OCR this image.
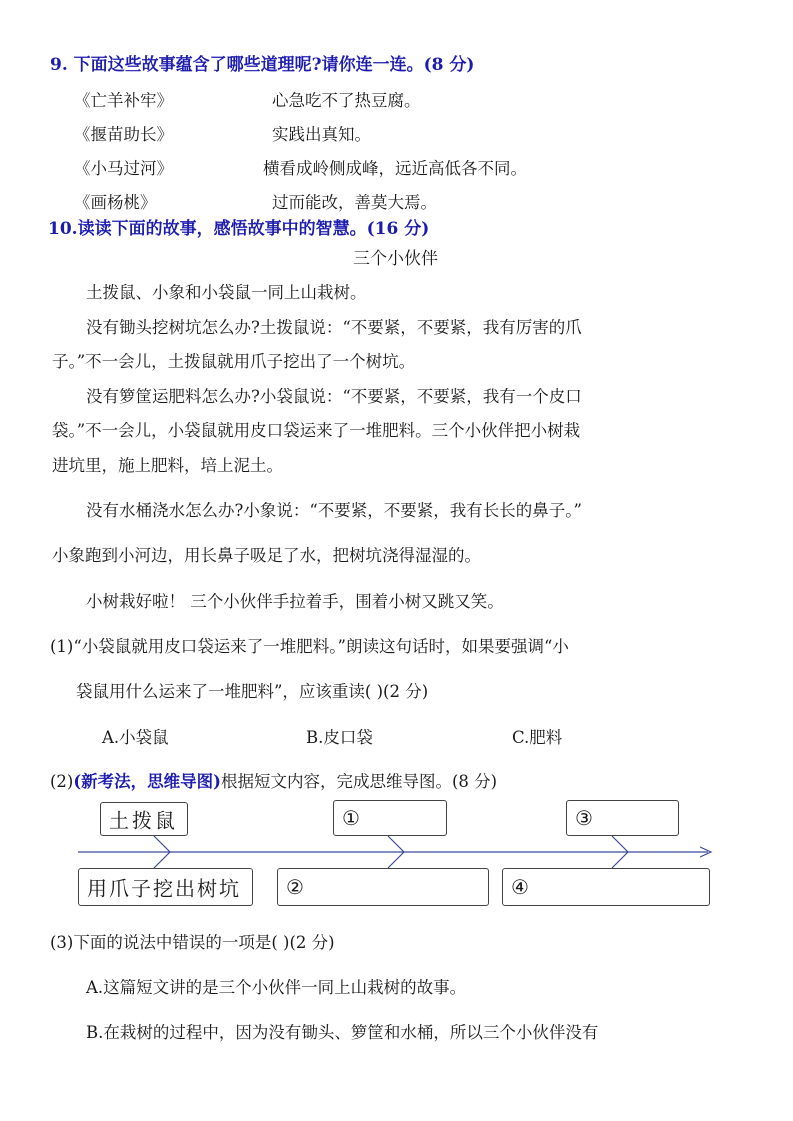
9. 下面这些故事蕴含了哪些道理呢?请你连一连。(8 分)
《亡羊补牢》
《揠苗助长》
《小马过河》
《画杨桃》
心急吃不了热豆腐。
实践出真知。
横看成岭侧成峰，远近高低各不同。
过而能改，善莫大焉。
10.读读下面的故事，感悟故事中的智慧。(16 分)
三个小伙伴
土拨鼠、小象和小袋鼠一同上山栽树。
没有锄头挖树坑怎么办?土拨鼠说：“不要紧，不要紧，我有厉害的爪
子。”不一会儿，土拨鼠就用爪子挖出了一个树坑。
没有箩筐运肥料怎么办?小袋鼠说：“不要紧，不要紧，我有一个皮口
袋。”不一会儿，小袋鼠就用皮口袋运来了一堆肥料。三个小伙伴把小树栽
进坑里，施上肥料，培上泥土。
没有水桶浇水怎么办?小象说：“不要紧，不要紧，我有长长的鼻子。”
小象跑到小河边，用长鼻子吸足了水，把树坑浇得湿湿的。
小树栽好啦！ 三个小伙伴手拉着手，围着小树又跳又笑。
(1)“小袋鼠就用皮口袋运来了一堆肥料。”朗读这句话时，如果要强调“小
袋鼠用什么运来了一堆肥料”，应该重读( )(2 分)
A.小袋鼠	B.皮口袋	C.肥料
(2)(新考法，思维导图)根据短文内容，完成思维导图。(8 分)
土拨鼠	①	③
用爪子挖出树坑 ②	④
(3)下面的说法中错误的一项是( )(2 分)
A.这篇短文讲的是三个小伙伴一同上山栽树的故事。
B.在栽树的过程中，因为没有锄头、箩筐和水桶，所以三个小伙伴没有
